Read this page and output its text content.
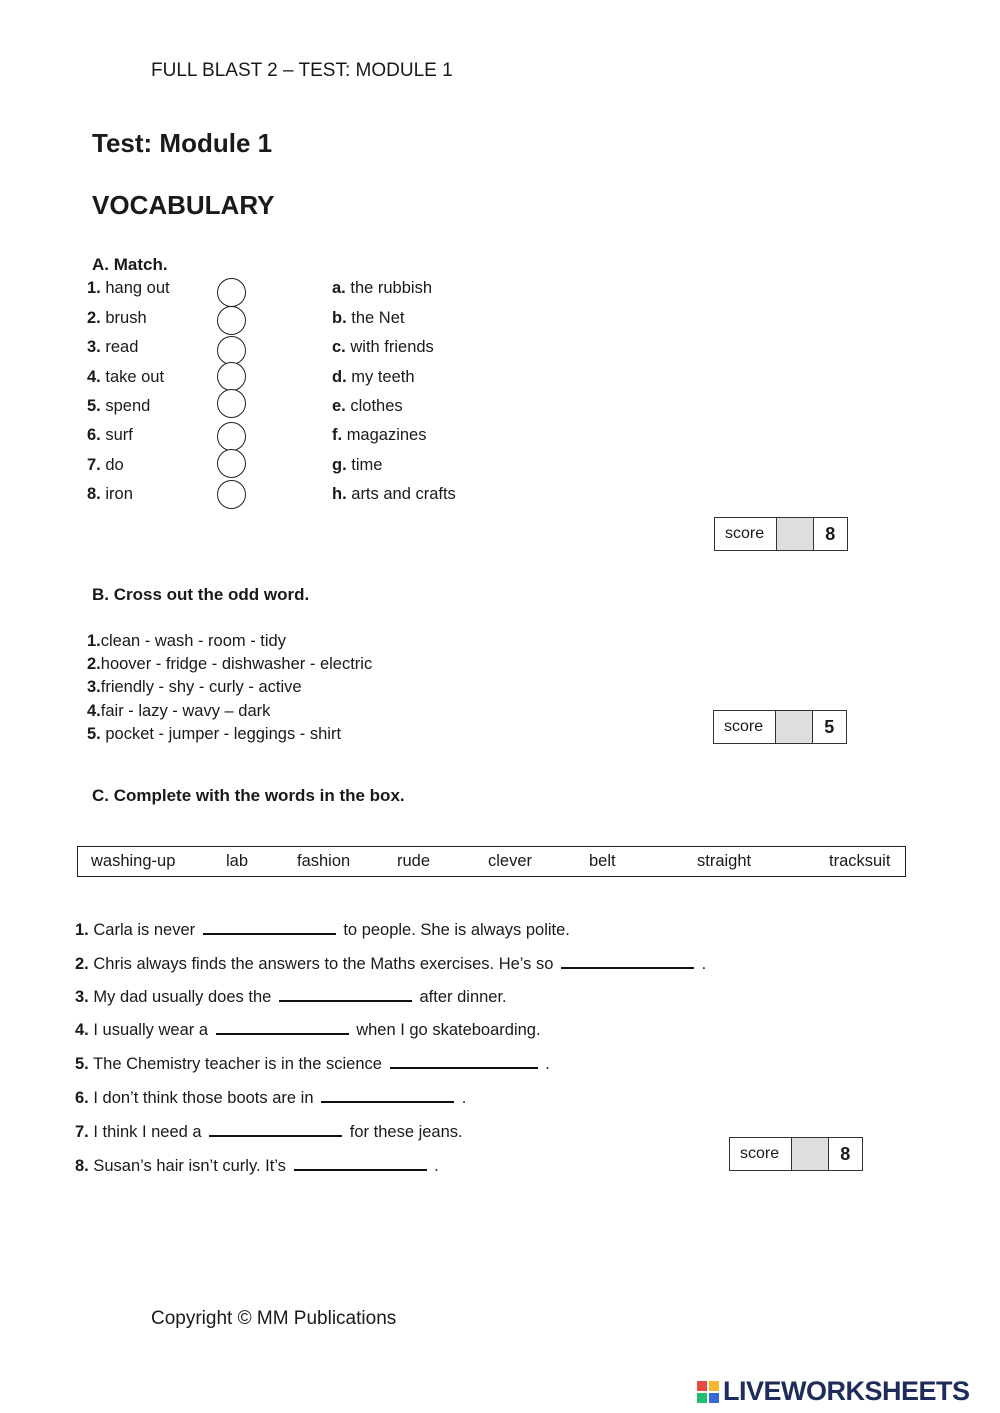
FULL BLAST 2 – TEST: MODULE 1
Test: Module 1
VOCABULARY
A. Match.
1. hang out
2. brush
3. read
4. take out
5. spend
6. surf
7. do
8. iron
a. the rubbish
b. the Net
c. with friends
d. my teeth
e. clothes
f. magazines
g. time
h. arts and crafts
score	8
B. Cross out the odd word.
1.clean - wash - room - tidy
2.hoover - fridge - dishwasher - electric
3.friendly - shy - curly - active
4.fair - lazy - wavy – dark
5. pocket - jumper - leggings - shirt	score	5
C. Complete with the words in the box.
washing-up	lab	fashion	rude	clever	belt	straight	tracksuit
1. Carla is never	to people. She is always polite.
2. Chris always finds the answers to the Maths exercises. He’s so	.
3. My dad usually does the	after dinner.
4. I usually wear a	when I go skateboarding.
5. The Chemistry teacher is in the science	.
6. I don’t think those boots are in	.
7. I think I need a	for these jeans.
8. Susan’s hair isn’t curly. It’s	.
score	8
Copyright © MM Publications
LIVEWORKSHEETS
